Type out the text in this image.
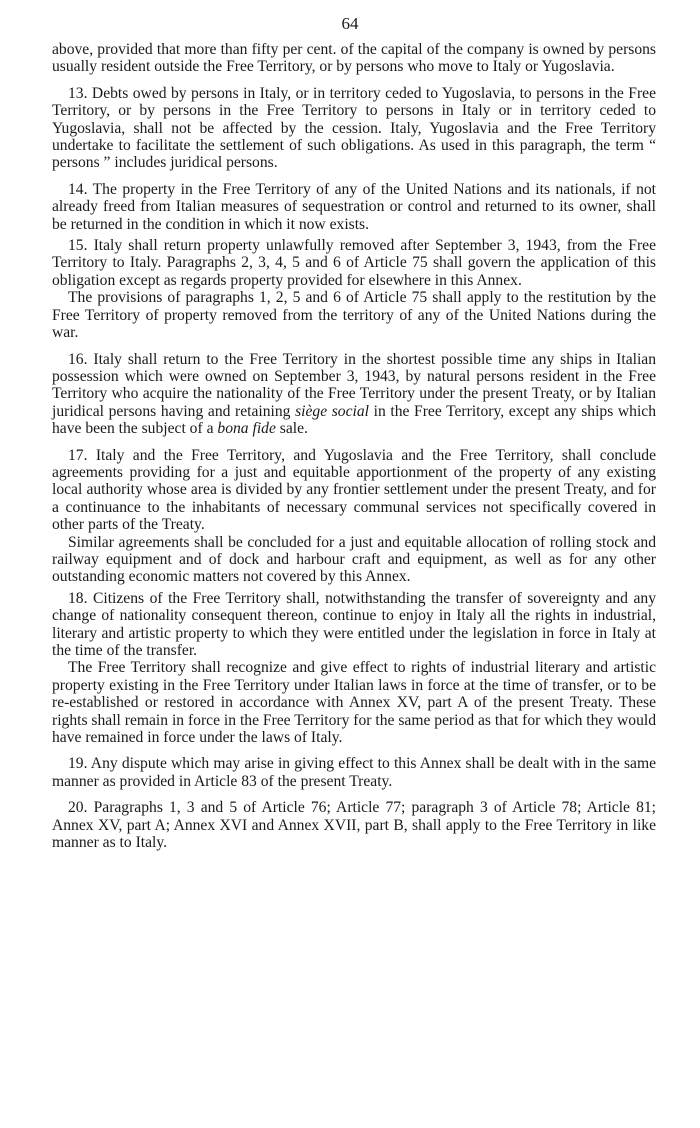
64

above, provided that more than fifty per cent. of the capital of the company is owned by persons usually resident outside the Free Territory, or by persons who move to Italy or Yugoslavia.

13. Debts owed by persons in Italy, or in territory ceded to Yugoslavia, to persons in the Free Territory, or by persons in the Free Territory to persons in Italy or in territory ceded to Yugoslavia, shall not be affected by the cession. Italy, Yugoslavia and the Free Territory undertake to facilitate the settlement of such obligations. As used in this paragraph, the term “ persons ” includes juridical persons.

14. The property in the Free Territory of any of the United Nations and its nationals, if not already freed from Italian measures of sequestration or control and returned to its owner, shall be returned in the condition in which it now exists.

15. Italy shall return property unlawfully removed after September 3, 1943, from the Free Territory to Italy. Paragraphs 2, 3, 4, 5 and 6 of Article 75 shall govern the application of this obligation except as regards property provided for elsewhere in this Annex.

The provisions of paragraphs 1, 2, 5 and 6 of Article 75 shall apply to the restitution by the Free Territory of property removed from the territory of any of the United Nations during the war.

16. Italy shall return to the Free Territory in the shortest possible time any ships in Italian possession which were owned on September 3, 1943, by natural persons resident in the Free Territory who acquire the nationality of the Free Territory under the present Treaty, or by Italian juridical persons having and retaining siège social in the Free Territory, except any ships which have been the subject of a bona fide sale.

17. Italy and the Free Territory, and Yugoslavia and the Free Territory, shall conclude agreements providing for a just and equitable apportionment of the property of any existing local authority whose area is divided by any frontier settlement under the present Treaty, and for a continuance to the inhabitants of necessary communal services not specifically covered in other parts of the Treaty.

Similar agreements shall be concluded for a just and equitable allocation of rolling stock and railway equipment and of dock and harbour craft and equipment, as well as for any other outstanding economic matters not covered by this Annex.

18. Citizens of the Free Territory shall, notwithstanding the transfer of sovereignty and any change of nationality consequent thereon, continue to enjoy in Italy all the rights in industrial, literary and artistic property to which they were entitled under the legislation in force in Italy at the time of the transfer.

The Free Territory shall recognize and give effect to rights of industrial literary and artistic property existing in the Free Territory under Italian laws in force at the time of transfer, or to be re-established or restored in accordance with Annex XV, part A of the present Treaty. These rights shall remain in force in the Free Territory for the same period as that for which they would have remained in force under the laws of Italy.

19. Any dispute which may arise in giving effect to this Annex shall be dealt with in the same manner as provided in Article 83 of the present Treaty.

20. Paragraphs 1, 3 and 5 of Article 76; Article 77; paragraph 3 of Article 78; Article 81; Annex XV, part A; Annex XVI and Annex XVII, part B, shall apply to the Free Territory in like manner as to Italy.
